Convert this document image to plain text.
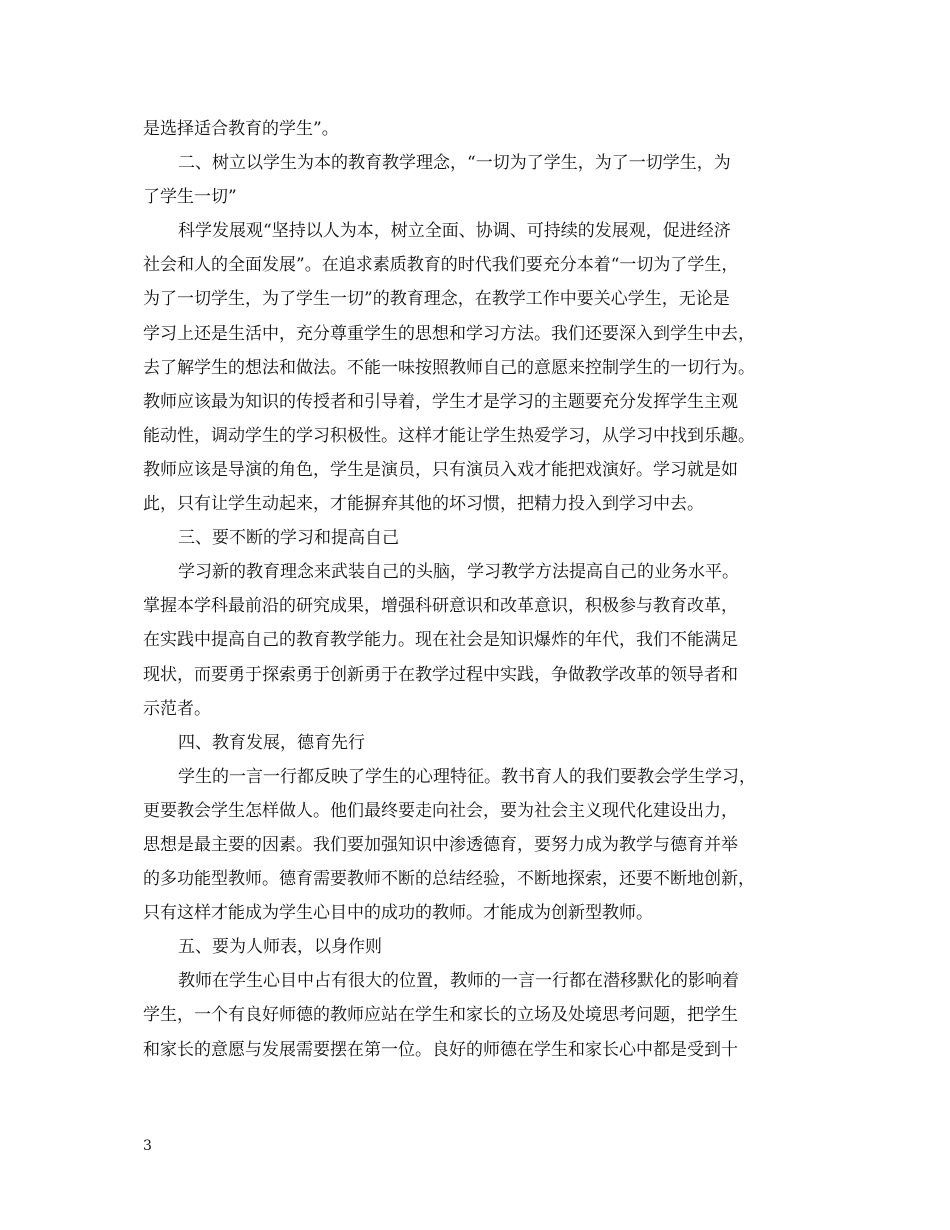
是选择适合教育的学生”。
二、树立以学生为本的教育教学理念，“一切为了学生，为了一切学生，为
了学生一切”
科学发展观“坚持以人为本，树立全面、协调、可持续的发展观，促进经济
社会和人的全面发展”。在追求素质教育的时代我们要充分本着“一切为了学生，
为了一切学生，为了学生一切”的教育理念，在教学工作中要关心学生，无论是
学习上还是生活中，充分尊重学生的思想和学习方法。我们还要深入到学生中去，
去了解学生的想法和做法。不能一味按照教师自己的意愿来控制学生的一切行为。
教师应该最为知识的传授者和引导着，学生才是学习的主题要充分发挥学生主观
能动性，调动学生的学习积极性。这样才能让学生热爱学习，从学习中找到乐趣。
教师应该是导演的角色，学生是演员，只有演员入戏才能把戏演好。学习就是如
此，只有让学生动起来，才能摒弃其他的坏习惯，把精力投入到学习中去。
三、要不断的学习和提高自己
学习新的教育理念来武装自己的头脑，学习教学方法提高自己的业务水平。
掌握本学科最前沿的研究成果，增强科研意识和改革意识，积极参与教育改革，
在实践中提高自己的教育教学能力。现在社会是知识爆炸的年代，我们不能满足
现状，而要勇于探索勇于创新勇于在教学过程中实践，争做教学改革的领导者和
示范者。
四、教育发展，德育先行
学生的一言一行都反映了学生的心理特征。教书育人的我们要教会学生学习，
更要教会学生怎样做人。他们最终要走向社会，要为社会主义现代化建设出力，
思想是最主要的因素。我们要加强知识中渗透德育，要努力成为教学与德育并举
的多功能型教师。德育需要教师不断的总结经验，不断地探索，还要不断地创新，
只有这样才能成为学生心目中的成功的教师。才能成为创新型教师。
五、要为人师表，以身作则
教师在学生心目中占有很大的位置，教师的一言一行都在潜移默化的影响着
学生，一个有良好师德的教师应站在学生和家长的立场及处境思考问题，把学生
和家长的意愿与发展需要摆在第一位。良好的师德在学生和家长心中都是受到十
3
